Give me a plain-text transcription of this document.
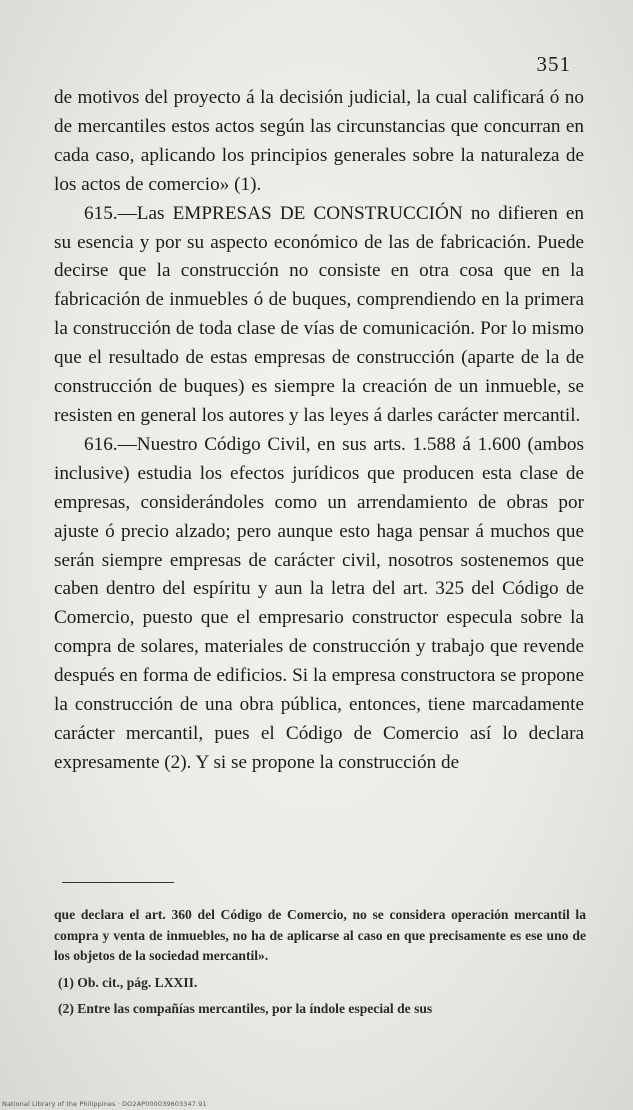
351

de motivos del proyecto á la decisión judicial, la cual calificará ó no de mercantiles estos actos según las circunstancias que concurran en cada caso, aplicando los principios generales sobre la naturaleza de los actos de comercio» (1).

615.—Las EMPRESAS DE CONSTRUCCIÓN no difieren en su esencia y por su aspecto económico de las de fabricación. Puede decirse que la construcción no consiste en otra cosa que en la fabricación de inmuebles ó de buques, comprendiendo en la primera la construcción de toda clase de vías de comunicación. Por lo mismo que el resultado de estas empresas de construcción (aparte de la de construcción de buques) es siempre la creación de un inmueble, se resisten en general los autores y las leyes á darles carácter mercantil.

616.—Nuestro Código Civil, en sus arts. 1.588 á 1.600 (ambos inclusive) estudia los efectos jurídicos que producen esta clase de empresas, considerándoles como un arrendamiento de obras por ajuste ó precio alzado; pero aunque esto haga pensar á muchos que serán siempre empresas de carácter civil, nosotros sostenemos que caben dentro del espíritu y aun la letra del art. 325 del Código de Comercio, puesto que el empresario constructor especula sobre la compra de solares, materiales de construcción y trabajo que revende después en forma de edificios. Si la empresa constructora se propone la construcción de una obra pública, entonces, tiene marcadamente carácter mercantil, pues el Código de Comercio así lo declara expresamente (2). Y si se propone la construcción de

que declara el art. 360 del Código de Comercio, no se considera operación mercantil la compra y venta de inmuebles, no ha de aplicarse al caso en que precisamente es ese uno de los objetos de la sociedad mercantil».

(1) Ob. cit., pág. LXXII.

(2) Entre las compañías mercantiles, por la índole especial de sus

National Library of the Philippines · DO2AP000039603347.91
